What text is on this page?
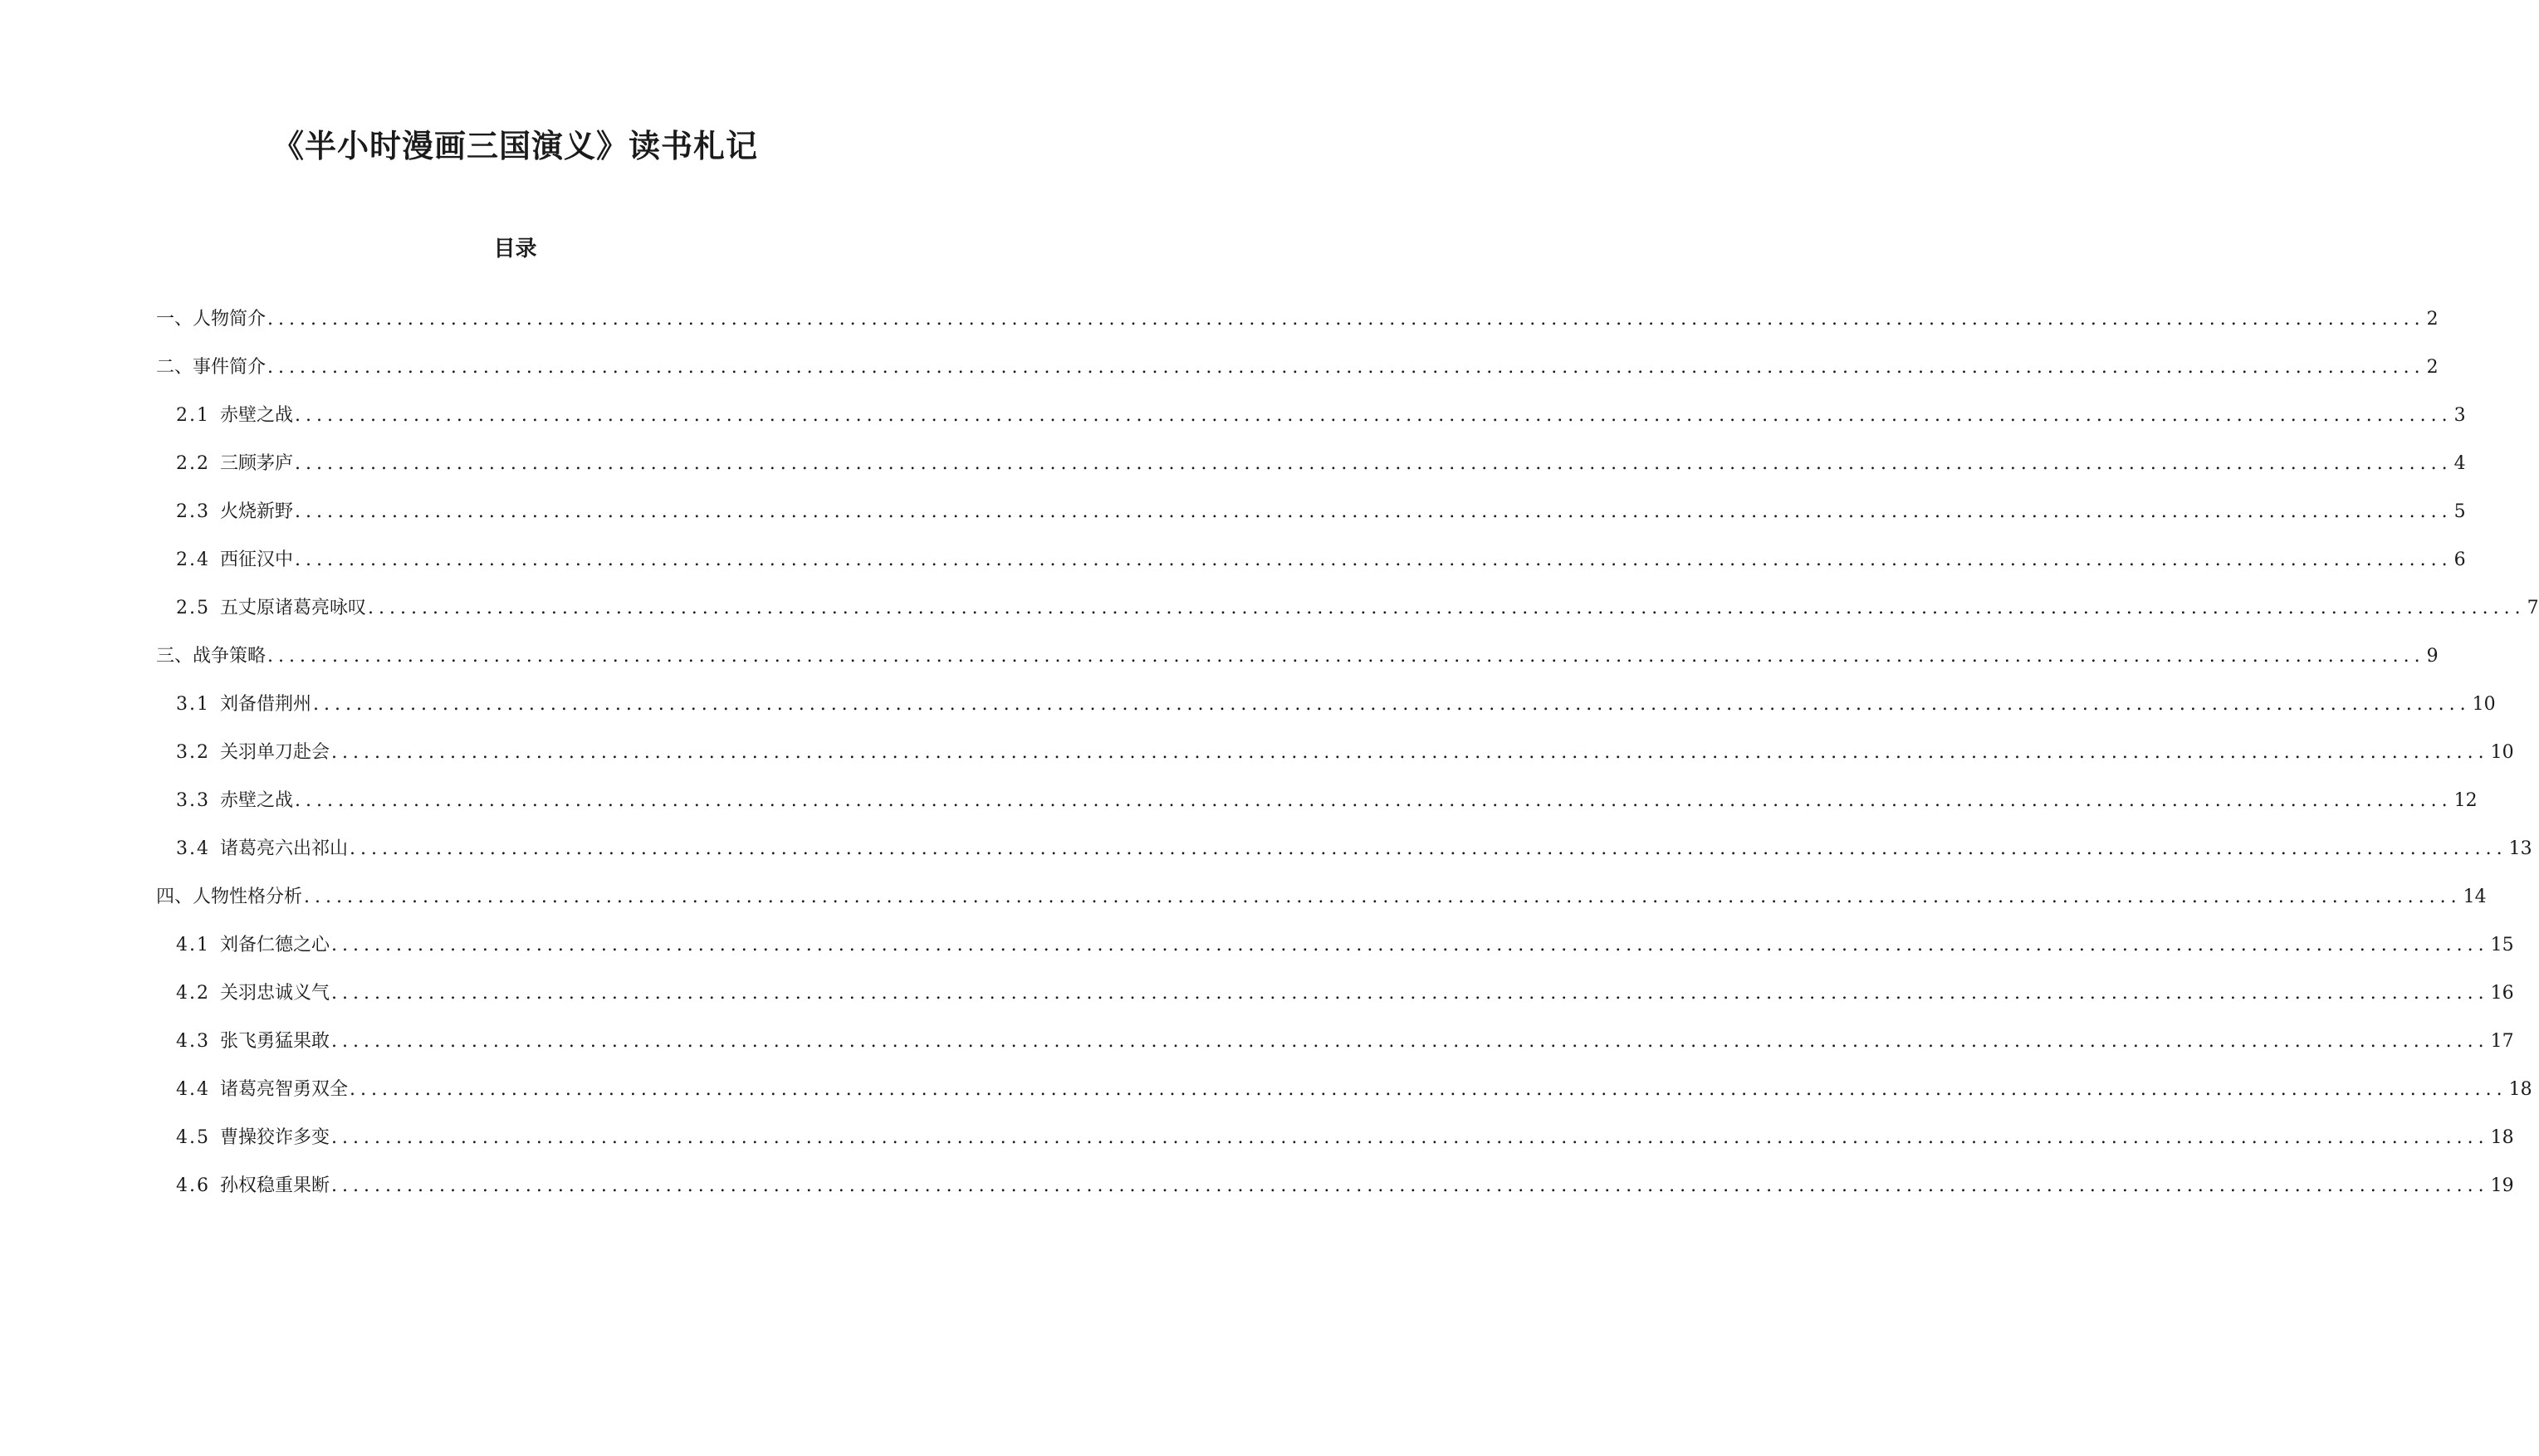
《半小时漫画三国演义》读书札记
目录
一、人物简介 ........................................................................................................................................................................................................ 2
二、事件简介 ........................................................................................................................................................................................................ 2
2.1 赤壁之战 ........................................................................................................................................................................................................ 3
2.2 三顾茅庐 ........................................................................................................................................................................................................ 4
2.3 火烧新野 ........................................................................................................................................................................................................ 5
2.4 西征汉中 ........................................................................................................................................................................................................ 6
2.5 五丈原诸葛亮咏叹 ........................................................................................................................................................................................................ 7
三、战争策略 ........................................................................................................................................................................................................ 9
3.1 刘备借荆州 ........................................................................................................................................................................................................ 10
3.2 关羽单刀赴会 ........................................................................................................................................................................................................ 10
3.3 赤壁之战 ........................................................................................................................................................................................................ 12
3.4 诸葛亮六出祁山 ........................................................................................................................................................................................................ 13
四、人物性格分析 ........................................................................................................................................................................................................ 14
4.1 刘备仁德之心 ........................................................................................................................................................................................................ 15
4.2 关羽忠诚义气 ........................................................................................................................................................................................................ 16
4.3 张飞勇猛果敢 ........................................................................................................................................................................................................ 17
4.4 诸葛亮智勇双全 ........................................................................................................................................................................................................ 18
4.5 曹操狡诈多变 ........................................................................................................................................................................................................ 18
4.6 孙权稳重果断 ........................................................................................................................................................................................................ 19
